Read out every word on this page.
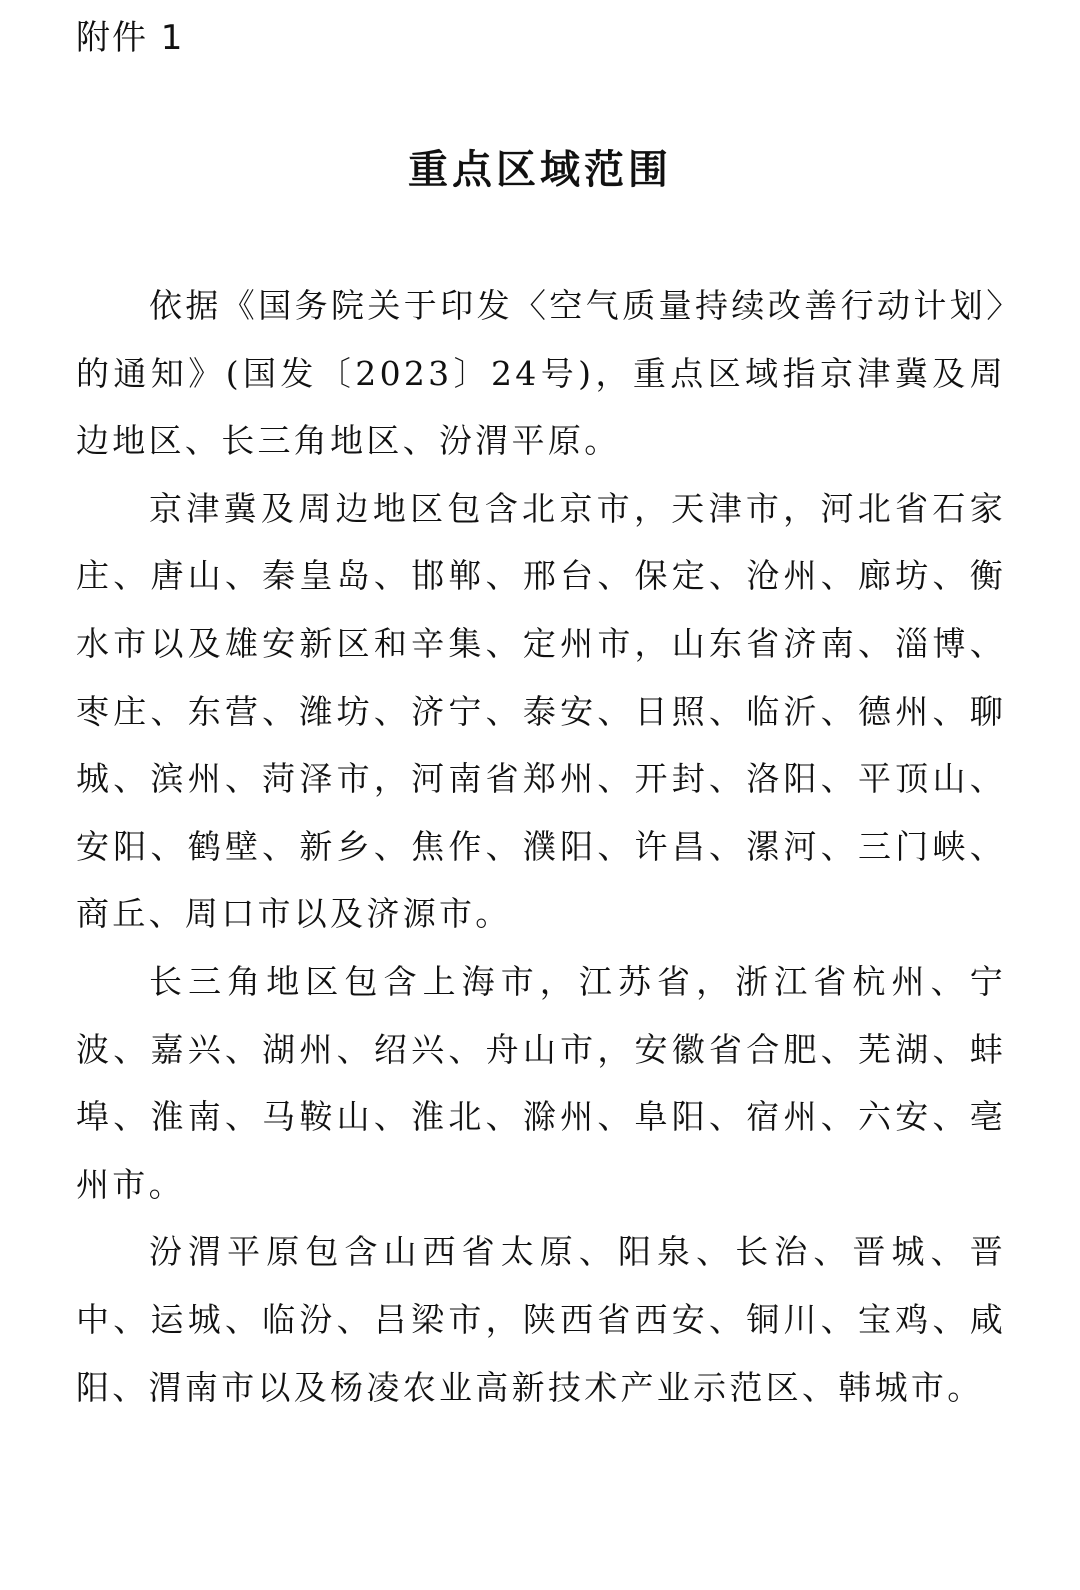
附件 1
重点区域范围

依据《国务院关于印发〈空气质量持续改善行动计划〉的通知》(国发〔2023〕24号)，重点区域指京津冀及周边地区、长三角地区、汾渭平原。

京津冀及周边地区包含北京市，天津市，河北省石家庄、唐山、秦皇岛、邯郸、邢台、保定、沧州、廊坊、衡水市以及雄安新区和辛集、定州市，山东省济南、淄博、枣庄、东营、潍坊、济宁、泰安、日照、临沂、德州、聊城、滨州、菏泽市，河南省郑州、开封、洛阳、平顶山、安阳、鹤壁、新乡、焦作、濮阳、许昌、漯河、三门峡、商丘、周口市以及济源市。

长三角地区包含上海市，江苏省，浙江省杭州、宁波、嘉兴、湖州、绍兴、舟山市，安徽省合肥、芜湖、蚌埠、淮南、马鞍山、淮北、滁州、阜阳、宿州、六安、亳州市。

汾渭平原包含山西省太原、阳泉、长治、晋城、晋中、运城、临汾、吕梁市，陕西省西安、铜川、宝鸡、咸阳、渭南市以及杨凌农业高新技术产业示范区、韩城市。
